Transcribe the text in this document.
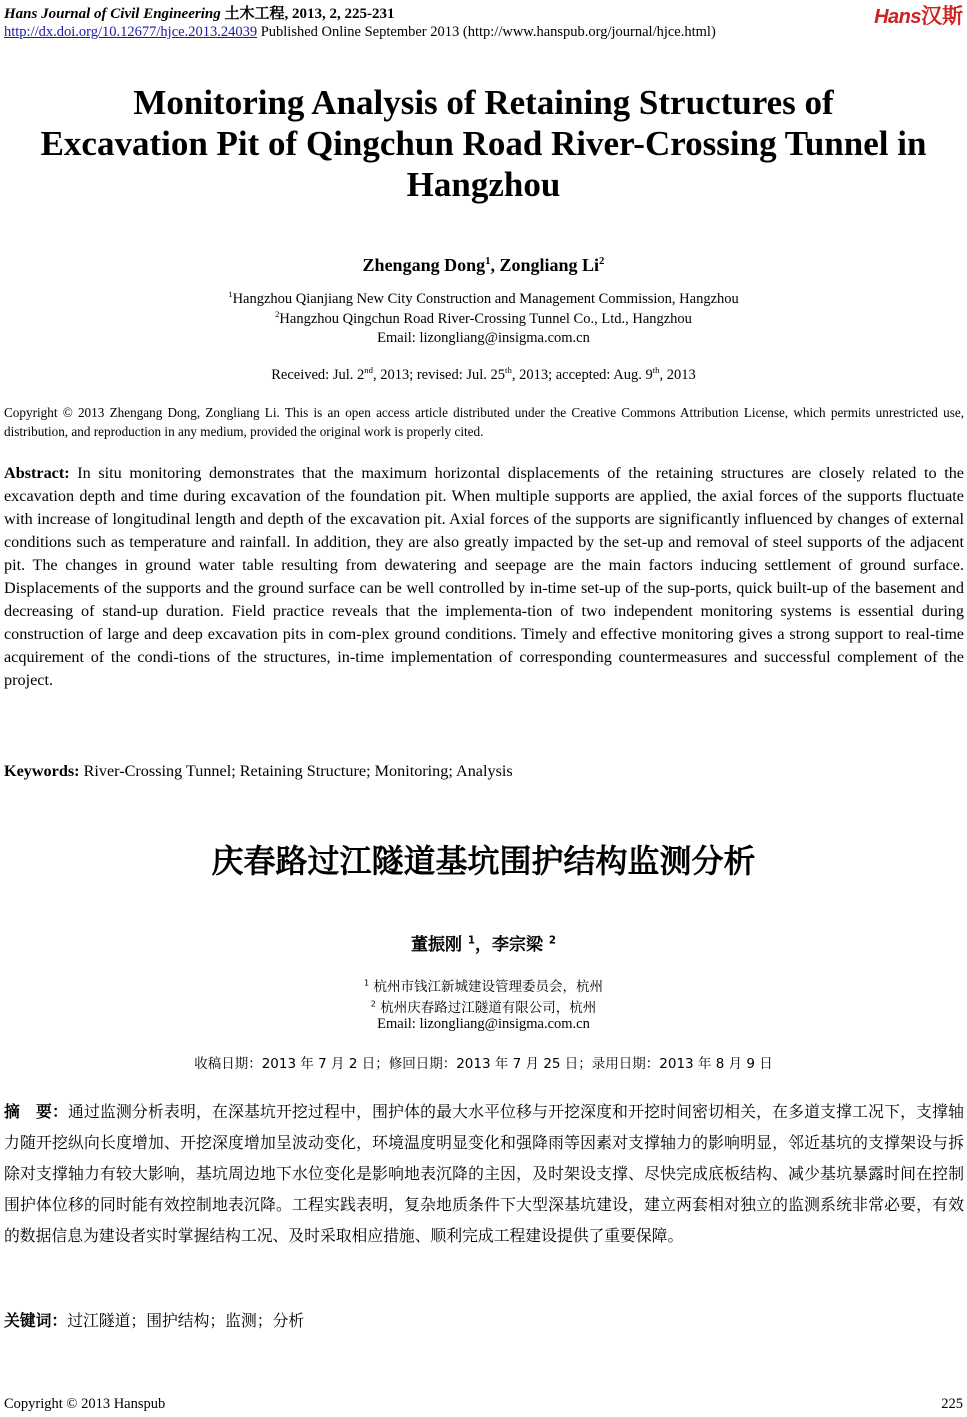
Hans Journal of Civil Engineering 土木工程, 2013, 2, 225-231
http://dx.doi.org/10.12677/hjce.2013.24039 Published Online September 2013 (http://www.hanspub.org/journal/hjce.html)
Hans汉斯
Monitoring Analysis of Retaining Structures of
Excavation Pit of Qingchun Road River-Crossing Tunnel in
Hangzhou
Zhengang Dong$^1$, Zongliang Li$^2$
$^1$Hangzhou Qianjiang New City Construction and Management Commission, Hangzhou
$^2$Hangzhou Qingchun Road River-Crossing Tunnel Co., Ltd., Hangzhou
Email: lizongliang@insigma.com.cn
Received: Jul. 2nd, 2013; revised: Jul. 25th, 2013; accepted: Aug. 9th, 2013
Copyright © 2013 Zhengang Dong, Zongliang Li. This is an open access article distributed under the Creative Commons Attribution License, which permits unrestricted use, distribution, and reproduction in any medium, provided the original work is properly cited.
Abstract: In situ monitoring demonstrates that the maximum horizontal displacements of the retaining structures are closely related to the excavation depth and time during excavation of the foundation pit. When multiple supports are applied, the axial forces of the supports fluctuate with increase of longitudinal length and depth of the excavation pit. Axial forces of the supports are significantly influenced by changes of external conditions such as temperature and rainfall. In addition, they are also greatly impacted by the set-up and removal of steel supports of the adjacent pit. The changes in ground water table resulting from dewatering and seepage are the main factors inducing settlement of ground surface. Displacements of the supports and the ground surface can be well controlled by in-time set-up of the sup-ports, quick built-up of the basement and decreasing of stand-up duration. Field practice reveals that the implementa-tion of two independent monitoring systems is essential during construction of large and deep excavation pits in com-plex ground conditions. Timely and effective monitoring gives a strong support to real-time acquirement of the condi-tions of the structures, in-time implementation of corresponding countermeasures and successful complement of the project.
Keywords: River-Crossing Tunnel; Retaining Structure; Monitoring; Analysis
庆春路过江隧道基坑围护结构监测分析
董振刚 $^1$，李宗梁 $^2$
$^1$ 杭州市钱江新城建设管理委员会，杭州
$^2$ 杭州庆春路过江隧道有限公司，杭州
Email: lizongliang@insigma.com.cn
收稿日期：2013 年 7 月 2 日；修回日期：2013 年 7 月 25 日；录用日期：2013 年 8 月 9 日
摘　要：通过监测分析表明，在深基坑开挖过程中，围护体的最大水平位移与开挖深度和开挖时间密切相关，在多道支撑工况下，支撑轴力随开挖纵向长度增加、开挖深度增加呈波动变化，环境温度明显变化和强降雨等因素对支撑轴力的影响明显，邻近基坑的支撑架设与拆除对支撑轴力有较大影响，基坑周边地下水位变化是影响地表沉降的主因，及时架设支撑、尽快完成底板结构、减少基坑暴露时间在控制围护体位移的同时能有效控制地表沉降。工程实践表明，复杂地质条件下大型深基坑建设，建立两套相对独立的监测系统非常必要，有效的数据信息为建设者实时掌握结构工况、及时采取相应措施、顺利完成工程建设提供了重要保障。
关键词：过江隧道；围护结构；监测；分析
Copyright © 2013 Hanspub	225
